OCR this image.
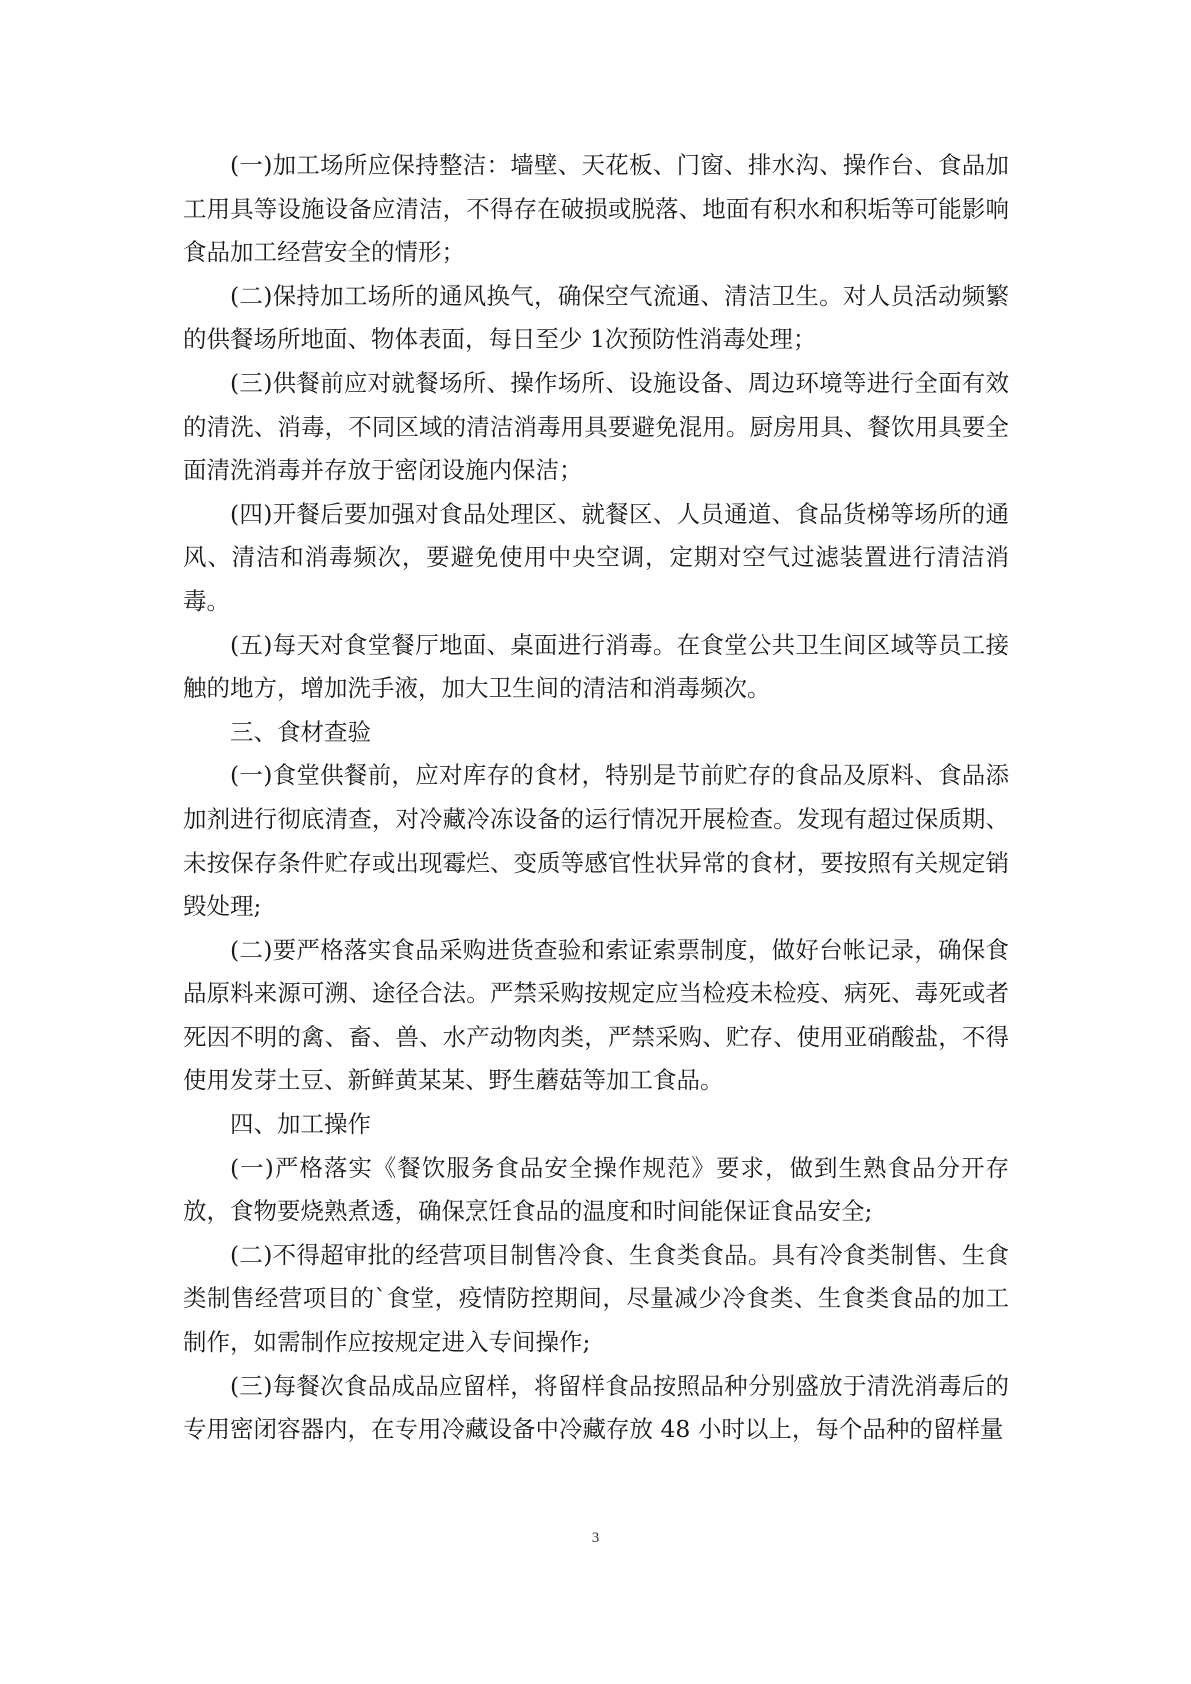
(一)加工场所应保持整洁：墙壁、天花板、门窗、排水沟、操作台、食品加工用具等设施设备应清洁，不得存在破损或脱落、地面有积水和积垢等可能影响食品加工经营安全的情形；

(二)保持加工场所的通风换气，确保空气流通、清洁卫生。对人员活动频繁的供餐场所地面、物体表面，每日至少 1次预防性消毒处理；

(三)供餐前应对就餐场所、操作场所、设施设备、周边环境等进行全面有效的清洗、消毒，不同区域的清洁消毒用具要避免混用。厨房用具、餐饮用具要全面清洗消毒并存放于密闭设施内保洁；

(四)开餐后要加强对食品处理区、就餐区、人员通道、食品货梯等场所的通风、清洁和消毒频次，要避免使用中央空调，定期对空气过滤装置进行清洁消毒。

(五)每天对食堂餐厅地面、桌面进行消毒。在食堂公共卫生间区域等员工接触的地方，增加洗手液，加大卫生间的清洁和消毒频次。

三、食材查验

(一)食堂供餐前，应对库存的食材，特别是节前贮存的食品及原料、食品添加剂进行彻底清查，对冷藏冷冻设备的运行情况开展检查。发现有超过保质期、未按保存条件贮存或出现霉烂、变质等感官性状异常的食材，要按照有关规定销毁处理;

(二)要严格落实食品采购进货查验和索证索票制度，做好台帐记录，确保食品原料来源可溯、途径合法。严禁采购按规定应当检疫未检疫、病死、毒死或者死因不明的禽、畜、兽、水产动物肉类，严禁采购、贮存、使用亚硝酸盐，不得使用发芽土豆、新鲜黄某某、野生蘑菇等加工食品。

四、加工操作

(一)严格落实《餐饮服务食品安全操作规范》要求，做到生熟食品分开存放，食物要烧熟煮透，确保烹饪食品的温度和时间能保证食品安全;

(二)不得超审批的经营项目制售冷食、生食类食品。具有冷食类制售、生食类制售经营项目的`食堂，疫情防控期间，尽量减少冷食类、生食类食品的加工制作，如需制作应按规定进入专间操作;

(三)每餐次食品成品应留样，将留样食品按照品种分别盛放于清洗消毒后的专用密闭容器内，在专用冷藏设备中冷藏存放 48 小时以上，每个品种的留样量

3
